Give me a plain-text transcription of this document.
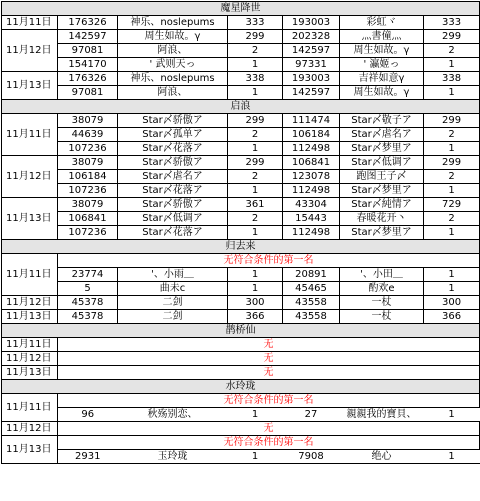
魔星降世						
11月11日	176326	神乐、noslepums	333	193003	彩虹ヾ	333
11月12日	142597	周生如故。γ	299	202328	灬書僮灬	299
	97081	阿浪、	2	142597	周生如故。γ	2
	154170	' 武则天っ	1	97331	' 瀛姬っ	1
11月13日	176326	神乐、noslepums	338	193003	吉祥如意γ	338
	97081	阿浪、	1	142597	周生如故。γ	1
启浪						
11月11日	38079	Star〆骄傲ア	299	111474	Star〆敬子ア	299
	44639	Star〆孤单ア	2	106184	Star〆虐名ア	2
	107236	Star〆花落ア	1	112498	Star〆梦里ア	1
11月12日	38079	Star〆骄傲ア	299	106841	Star〆低调ア	299
	106184	Star〆虐名ア	2	123078	跑图王子〆	2
	107236	Star〆花落ア	1	112498	Star〆梦里ア	1
11月13日	38079	Star〆骄傲ア	361	43304	Star〆純情ア	729
	106841	Star〆低调ア	2	15443	春暖花开丶	2
	107236	Star〆花落ア	1	112498	Star〆梦里ア	1
归去来						
11月11日	无符合条件的第一名					
	23774	'、小雨＿	1	20891	'、小田＿	1
	5	曲未c	1	45465	酌欢e	1
11月12日	45378	二剑	300	43558	一杖	300
11月13日	45378	二剑	366	43558	一杖	366
鹊桥仙						
11月11日	无					
11月12日	无					
11月13日	无					
水玲珑						
11月11日	无符合条件的第一名					
	96	秋殇别恋、	1	27	親親我的寶貝、	1
11月12日	无					
11月13日	无符合条件的第一名					
	2931	玉玲珑	1	7908	绝心	1
